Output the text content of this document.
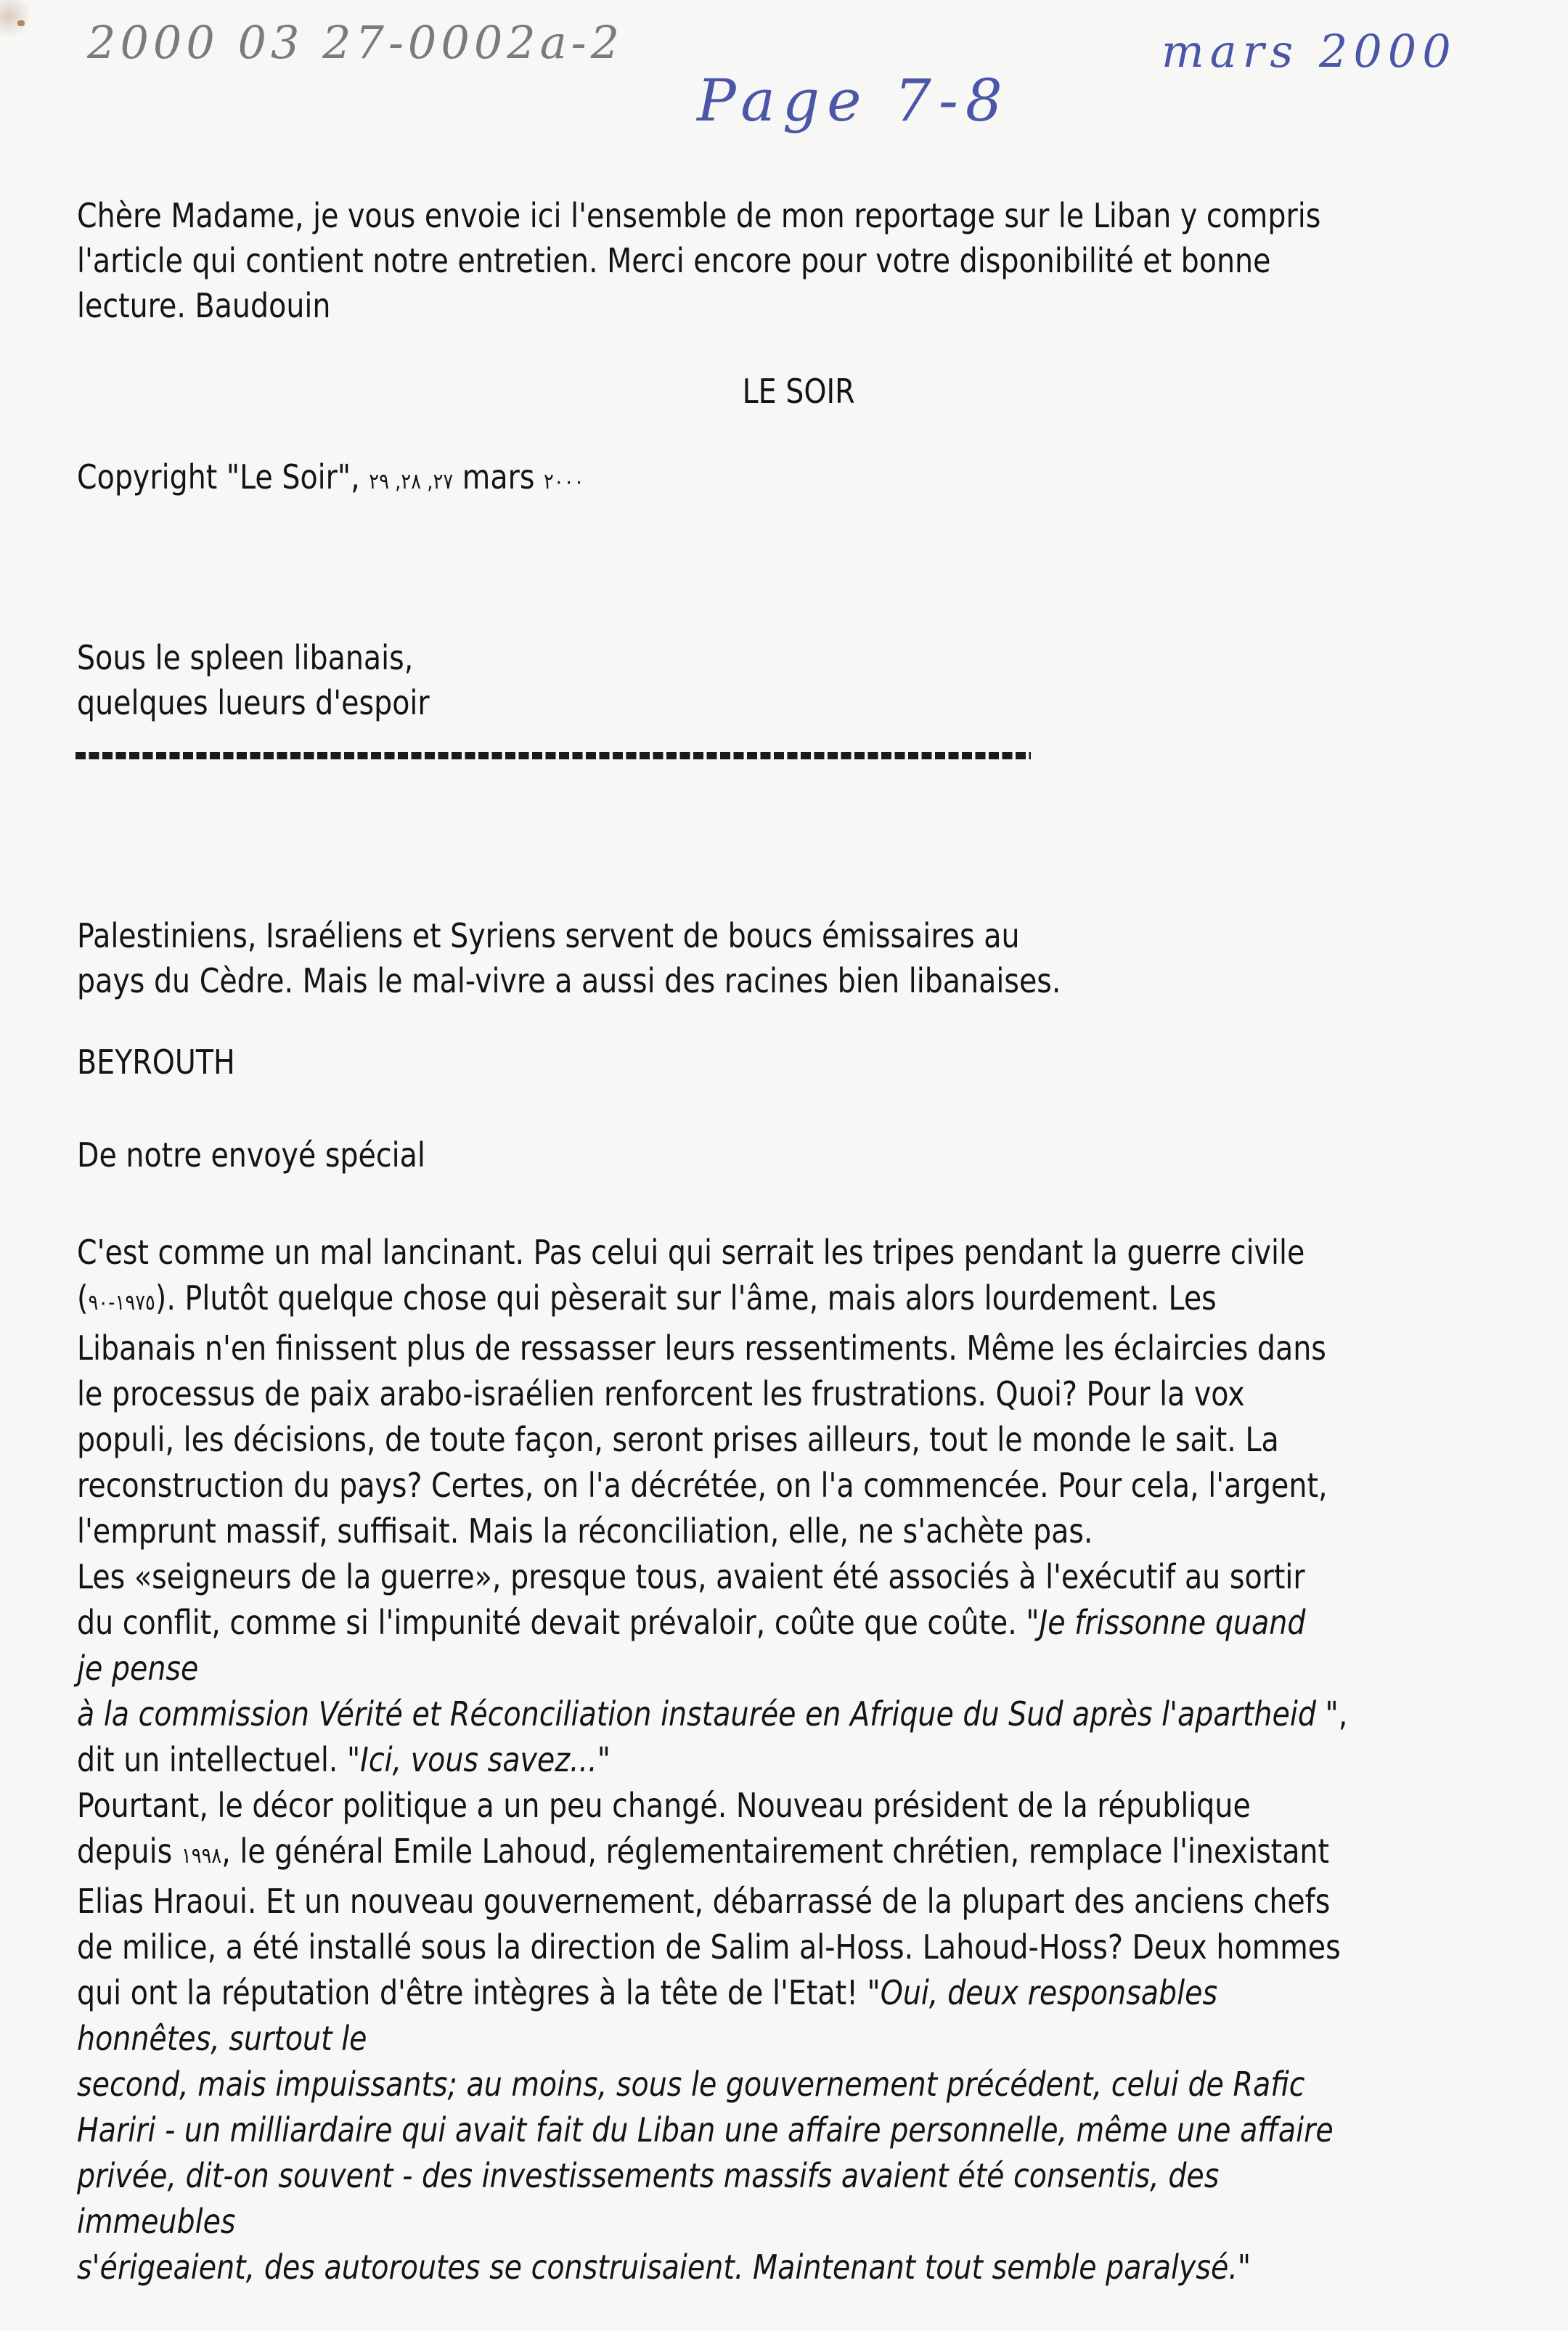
2000 03 27-0002a-2
Page 7-8
mars 2000
Chère Madame, je vous envoie ici l'ensemble de mon reportage sur le Liban y compris
l'article qui contient notre entretien. Merci encore pour votre disponibilité et bonne
lecture. Baudouin
LE SOIR
Copyright "Le Soir", ٢٧, ٢٨, ٢٩ mars ٢٠٠٠
Sous le spleen libanais,
quelques lueurs d'espoir
Palestiniens, Israéliens et Syriens servent de boucs émissaires au
pays du Cèdre. Mais le mal-vivre a aussi des racines bien libanaises.
BEYROUTH
De notre envoyé spécial
C'est comme un mal lancinant. Pas celui qui serrait les tripes pendant la guerre civile
(١٩٧٥-٩٠). Plutôt quelque chose qui pèserait sur l'âme, mais alors lourdement. Les
Libanais n'en finissent plus de ressasser leurs ressentiments. Même les éclaircies dans
le processus de paix arabo-israélien renforcent les frustrations. Quoi? Pour la vox
populi, les décisions, de toute façon, seront prises ailleurs, tout le monde le sait. La
reconstruction du pays? Certes, on l'a décrétée, on l'a commencée. Pour cela, l'argent,
l'emprunt massif, suffisait. Mais la réconciliation, elle, ne s'achète pas.
Les «seigneurs de la guerre», presque tous, avaient été associés à l'exécutif au sortir
du conflit, comme si l'impunité devait prévaloir, coûte que coûte. "Je frissonne quand
je pense
à la commission Vérité et Réconciliation instaurée en Afrique du Sud après l'apartheid ",
dit un intellectuel. "Ici, vous savez..."
Pourtant, le décor politique a un peu changé. Nouveau président de la république
depuis ١٩٩٨, le général Emile Lahoud, réglementairement chrétien, remplace l'inexistant
Elias Hraoui. Et un nouveau gouvernement, débarrassé de la plupart des anciens chefs
de milice, a été installé sous la direction de Salim al-Hoss. Lahoud-Hoss? Deux hommes
qui ont la réputation d'être intègres à la tête de l'Etat! "Oui, deux responsables
honnêtes, surtout le
second, mais impuissants; au moins, sous le gouvernement précédent, celui de Rafic
Hariri - un milliardaire qui avait fait du Liban une affaire personnelle, même une affaire
privée, dit-on souvent - des investissements massifs avaient été consentis, des
immeubles
s'érigeaient, des autoroutes se construisaient. Maintenant tout semble paralysé."
